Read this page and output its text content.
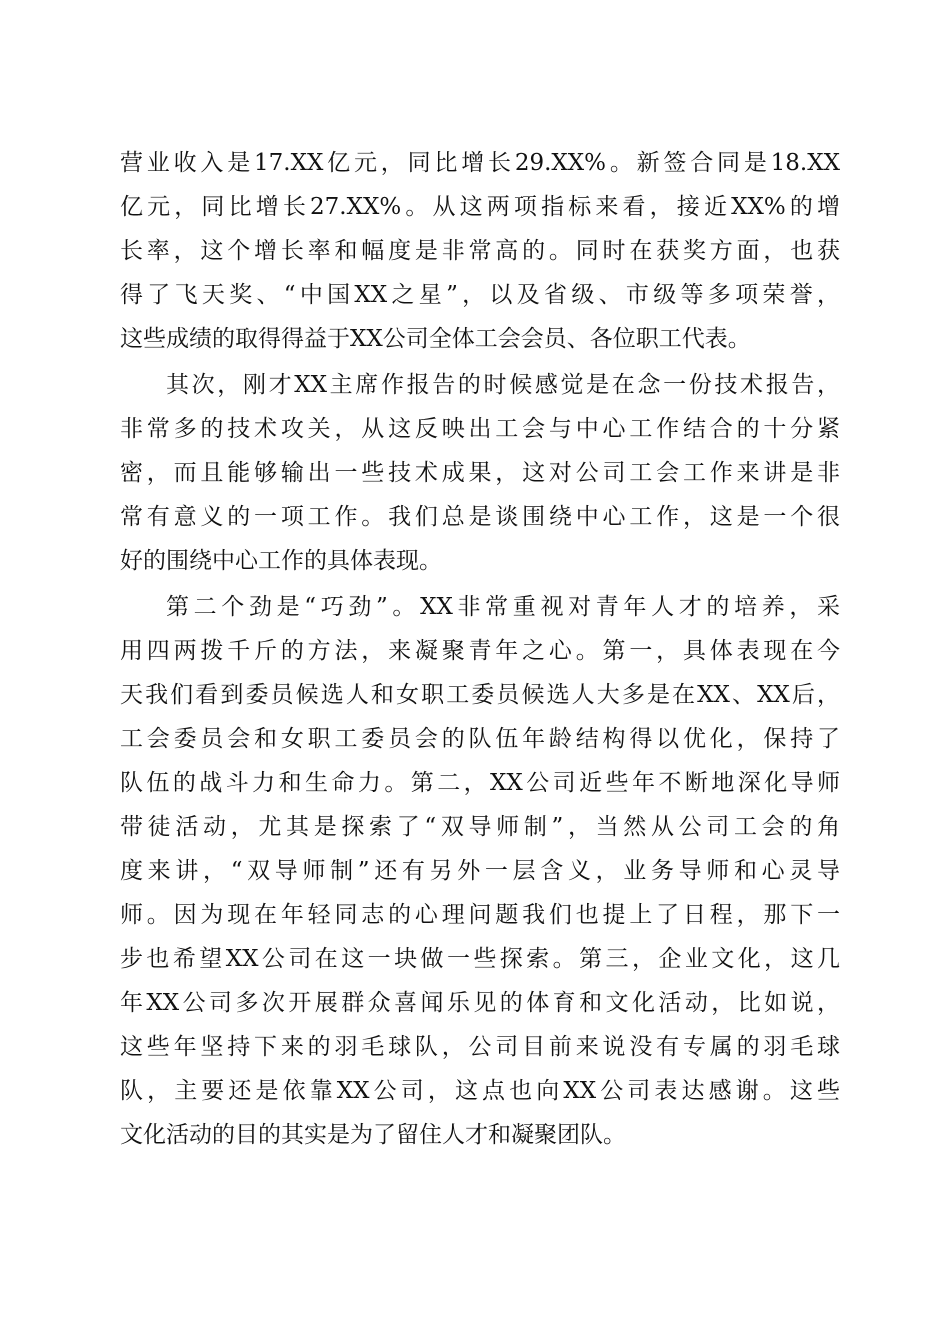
营业收入是17.XX亿元，同比增长29.XX%。新签合同是18.XX
亿元，同比增长27.XX%。从这两项指标来看，接近XX%的增
长率，这个增长率和幅度是非常高的。同时在获奖方面，也获
得了飞天奖、“中国XX之星”，以及省级、市级等多项荣誉，
这些成绩的取得得益于XX公司全体工会会员、各位职工代表。
其次，刚才XX主席作报告的时候感觉是在念一份技术报告，
非常多的技术攻关，从这反映出工会与中心工作结合的十分紧
密，而且能够输出一些技术成果，这对公司工会工作来讲是非
常有意义的一项工作。我们总是谈围绕中心工作，这是一个很
好的围绕中心工作的具体表现。
第二个劲是“巧劲”。XX非常重视对青年人才的培养，采
用四两拨千斤的方法，来凝聚青年之心。第一，具体表现在今
天我们看到委员候选人和女职工委员候选人大多是在XX、XX后，
工会委员会和女职工委员会的队伍年龄结构得以优化，保持了
队伍的战斗力和生命力。第二，XX公司近些年不断地深化导师
带徒活动，尤其是探索了“双导师制”，当然从公司工会的角
度来讲，“双导师制”还有另外一层含义，业务导师和心灵导
师。因为现在年轻同志的心理问题我们也提上了日程，那下一
步也希望XX公司在这一块做一些探索。第三，企业文化，这几
年XX公司多次开展群众喜闻乐见的体育和文化活动，比如说，
这些年坚持下来的羽毛球队，公司目前来说没有专属的羽毛球
队，主要还是依靠XX公司，这点也向XX公司表达感谢。这些
文化活动的目的其实是为了留住人才和凝聚团队。
